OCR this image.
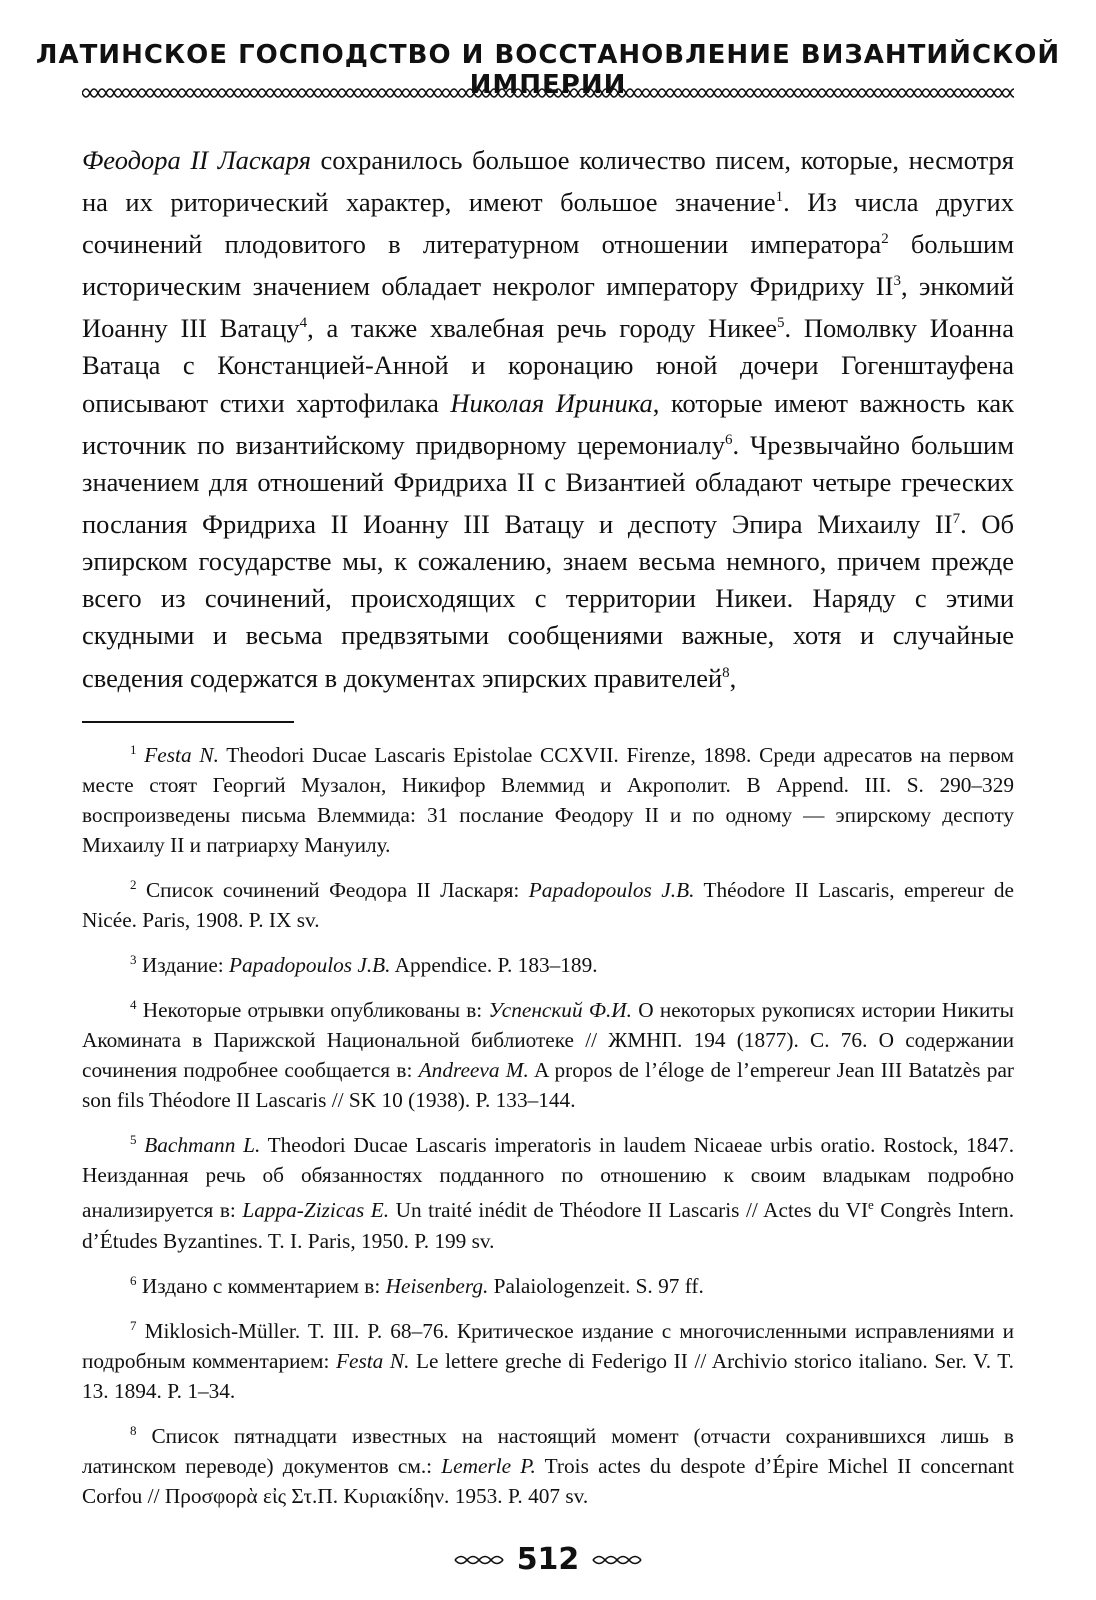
ЛАТИНСКОЕ ГОСПОДСТВО И ВОССТАНОВЛЕНИЕ ВИЗАНТИЙСКОЙ

Феодора II Ласкаря сохранилось большое количество писем, которые, несмотря на их риторический характер, имеют большое значение$^1$. Из числа других сочинений плодовитого в литературном отношении императора$^2$ большим историческим значением обладает некролог императору Фридриху $II^3$, энкомий Иоанну III Ватацу$^4$, а также хвалебная речь городу Никее$^5$. Помолвку Иоанна Ватаца с Констанцией-Анной и коронацию юной дочери Гогенштауфена описывают стихи хартофилака Николая Ириника, которые имеют важность как источник по византийскому придворному церемониалу$^6$. Чрезвычайно большим значением для отношений Фридриха II с Византией обладают четыре греческих послания Фридриха II Иоанну III Ватацу и деспоту Эпира Михаилу $II^7$. Об эпирском государстве мы, к сожалению, знаем весьма немного, причем прежде всего из сочинений, происходящих с территории Никеи. Наряду с этими скудными и весьма предвзятыми сообщениями важные, хотя и случайные сведения содержатся в документах эпирских правителей$^8$,

$^1$ Festa N. Theodori Ducae Lascaris Epistolae CCXVII. Firenze, 1898. Среди адресатов на первом месте стоят Георгий Музалон, Никифор Влеммид и Акрополит. В Append. III. S. 290–329 воспроизведены письма Влеммида: 31 послание Феодору II и по одному — эпирскому деспоту Михаилу II и патриарху Мануилу.

$^2$ Список сочинений Феодора II Ласкаря: Papadopoulos J.B. Théodore II Lascaris, empereur de Nicée. Paris, 1908. P. IX sv.

$^3$ Издание: Papadopoulos J.B. Appendice. P. 183–189.

$^4$ Некоторые отрывки опубликованы в: Успенский Ф.И. О некоторых рукописях истории Никиты Акомината в Парижской Национальной библиотеке // ЖМНП. 194 (1877). С. 76. О содержании сочинения подробнее сообщается в: Andreeva M. A propos de l’éloge de l’empereur Jean III Batatzès par son fils Théodore II Lascaris // SK 10 (1938). P. 133–144.

$^5$ Bachmann L. Theodori Ducae Lascaris imperatoris in laudem Nicaeae urbis oratio. Rostock, 1847. Неизданная речь об обязанностях подданного по отношению к своим владыкам подробно анализируется в: Lappa-Zizicas E. Un traité inédit de Théodore II Lascaris // Actes du VIe Congrès Intern. d’Études Byzantines. T. I. Paris, 1950. P. 199 sv.

$^6$ Издано с комментарием в: Heisenberg. Palaiologenzeit. S. 97 ff.

$^7$ Miklosich-Müller. T. III. P. 68–76. Критическое издание с многочисленными исправлениями и подробным комментарием: Festa N. Le lettere greche di Federigo II // Archivio storico italiano. Ser. V. T. 13. 1894. P. 1–34.

$^8$ Список пятнадцати известных на настоящий момент (отчасти сохранившихся лишь в латинском переводе) документов см.: Lemerle P. Trois actes du despote d’Épire Michel II concernant Corfou // Προσφορὰ εἰς Στ.Π. Κυριακίδην. 1953. P. 407 sv.

512
